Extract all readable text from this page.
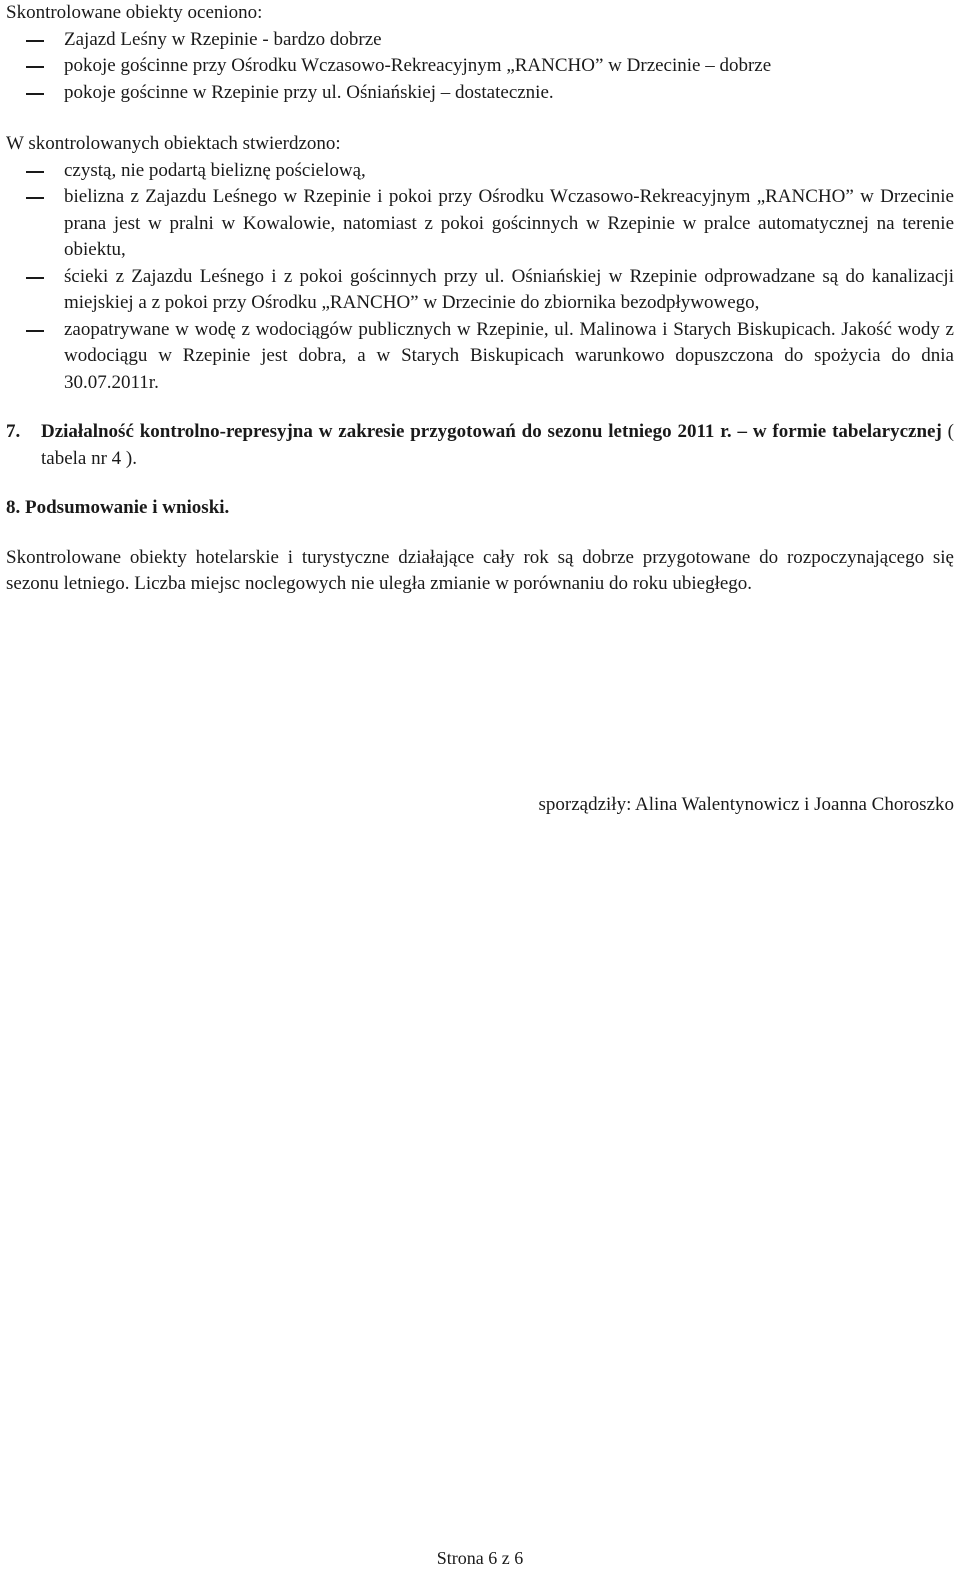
Skontrolowane obiekty oceniono:

Zajazd Leśny w Rzepinie - bardzo dobrze
pokoje gościnne przy Ośrodku Wczasowo-Rekreacyjnym „RANCHO” w Drzecinie – dobrze
pokoje gościnne w Rzepinie przy ul. Ośniańskiej – dostatecznie.

W skontrolowanych obiektach stwierdzono:

czystą, nie podartą bieliznę pościelową,
bielizna z Zajazdu Leśnego w Rzepinie i pokoi przy Ośrodku Wczasowo-Rekreacyjnym „RANCHO” w Drzecinie prana jest w pralni w Kowalowie, natomiast z pokoi gościnnych w Rzepinie w pralce automatycznej na terenie obiektu,
ścieki z Zajazdu Leśnego i z pokoi gościnnych przy ul. Ośniańskiej w Rzepinie odprowadzane są do kanalizacji miejskiej a z pokoi przy Ośrodku „RANCHO” w Drzecinie do zbiornika bezodpływowego,
zaopatrywane w wodę z wodociągów publicznych w Rzepinie, ul. Malinowa i Starych Biskupicach. Jakość wody z wodociągu w Rzepinie jest dobra, a w Starych Biskupicach warunkowo dopuszczona do spożycia do dnia 30.07.2011r.

7. Działalność kontrolno-represyjna w zakresie przygotowań do sezonu letniego 2011 r. – w formie tabelarycznej ( tabela nr 4 ).

8. Podsumowanie i wnioski.

Skontrolowane obiekty hotelarskie i turystyczne działające cały rok są dobrze przygotowane do rozpoczynającego się sezonu letniego. Liczba miejsc noclegowych nie uległa zmianie w porównaniu do roku ubiegłego.

sporządziły: Alina Walentynowicz i Joanna Choroszko

Strona 6 z 6
